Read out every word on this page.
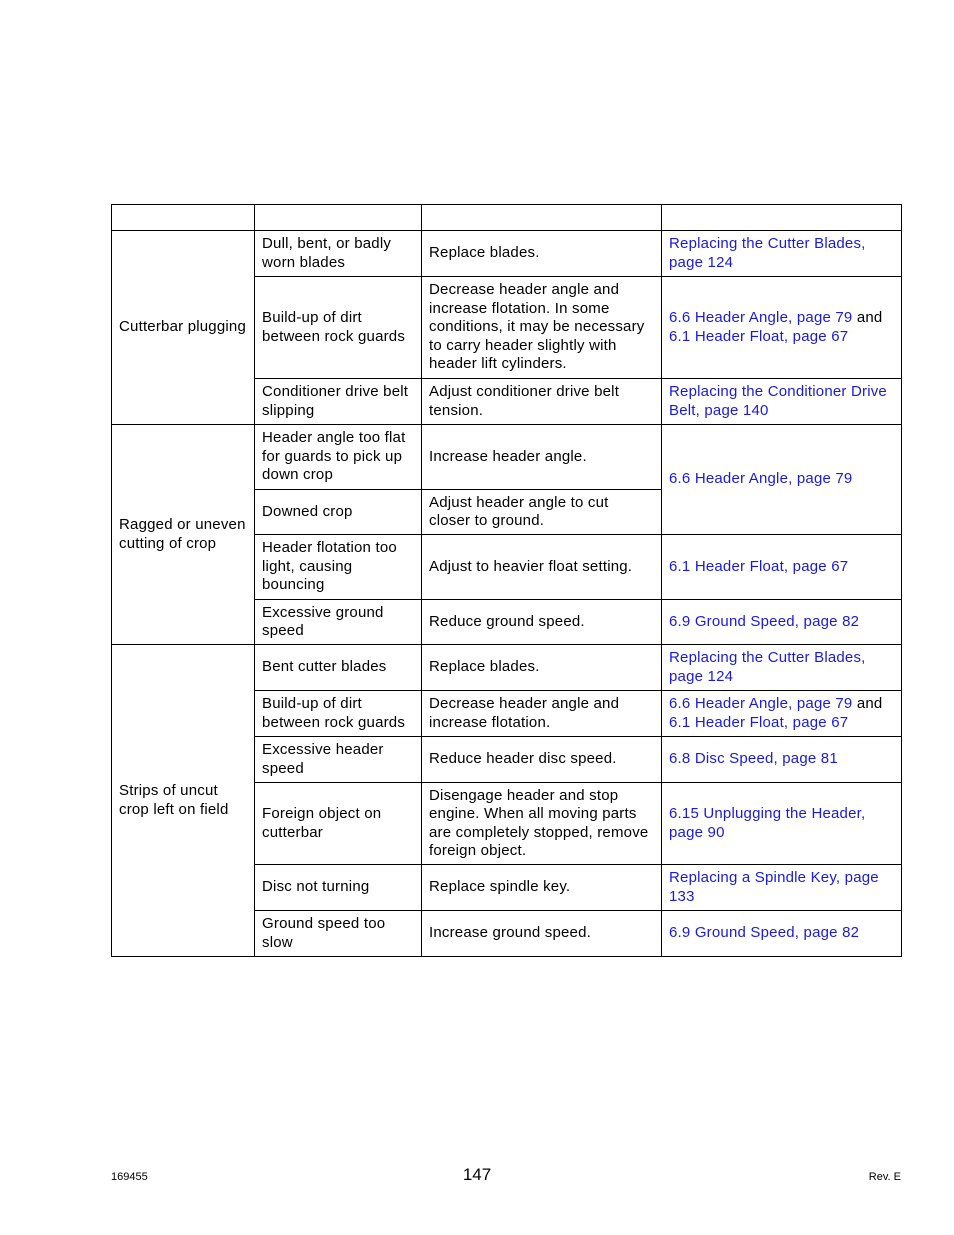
Cutterbar plugging	Dull, bent, or badly worn blades	Replace blades.	Replacing the Cutter Blades, page 124
	Build-up of dirt between rock guards	Decrease header angle and increase flotation. In some conditions, it may be necessary to carry header slightly with header lift cylinders.	6.6 Header Angle, page 79 and 6.1 Header Float, page 67
	Conditioner drive belt slipping	Adjust conditioner drive belt tension.	Replacing the Conditioner Drive Belt, page 140
Ragged or uneven cutting of crop	Header angle too flat for guards to pick up down crop	Increase header angle.	6.6 Header Angle, page 79
	Downed crop	Adjust header angle to cut closer to ground.	
	Header flotation too light, causing bouncing	Adjust to heavier float setting.	6.1 Header Float, page 67
	Excessive ground speed	Reduce ground speed.	6.9 Ground Speed, page 82
Strips of uncut crop left on field	Bent cutter blades	Replace blades.	Replacing the Cutter Blades, page 124
	Build-up of dirt between rock guards	Decrease header angle and increase flotation.	6.6 Header Angle, page 79 and 6.1 Header Float, page 67
	Excessive header speed	Reduce header disc speed.	6.8 Disc Speed, page 81
	Foreign object on cutterbar	Disengage header and stop engine. When all moving parts are completely stopped, remove foreign object.	6.15 Unplugging the Header, page 90
	Disc not turning	Replace spindle key.	Replacing a Spindle Key, page 133
	Ground speed too slow	Increase ground speed.	6.9 Ground Speed, page 82
169455	147	Rev. E
